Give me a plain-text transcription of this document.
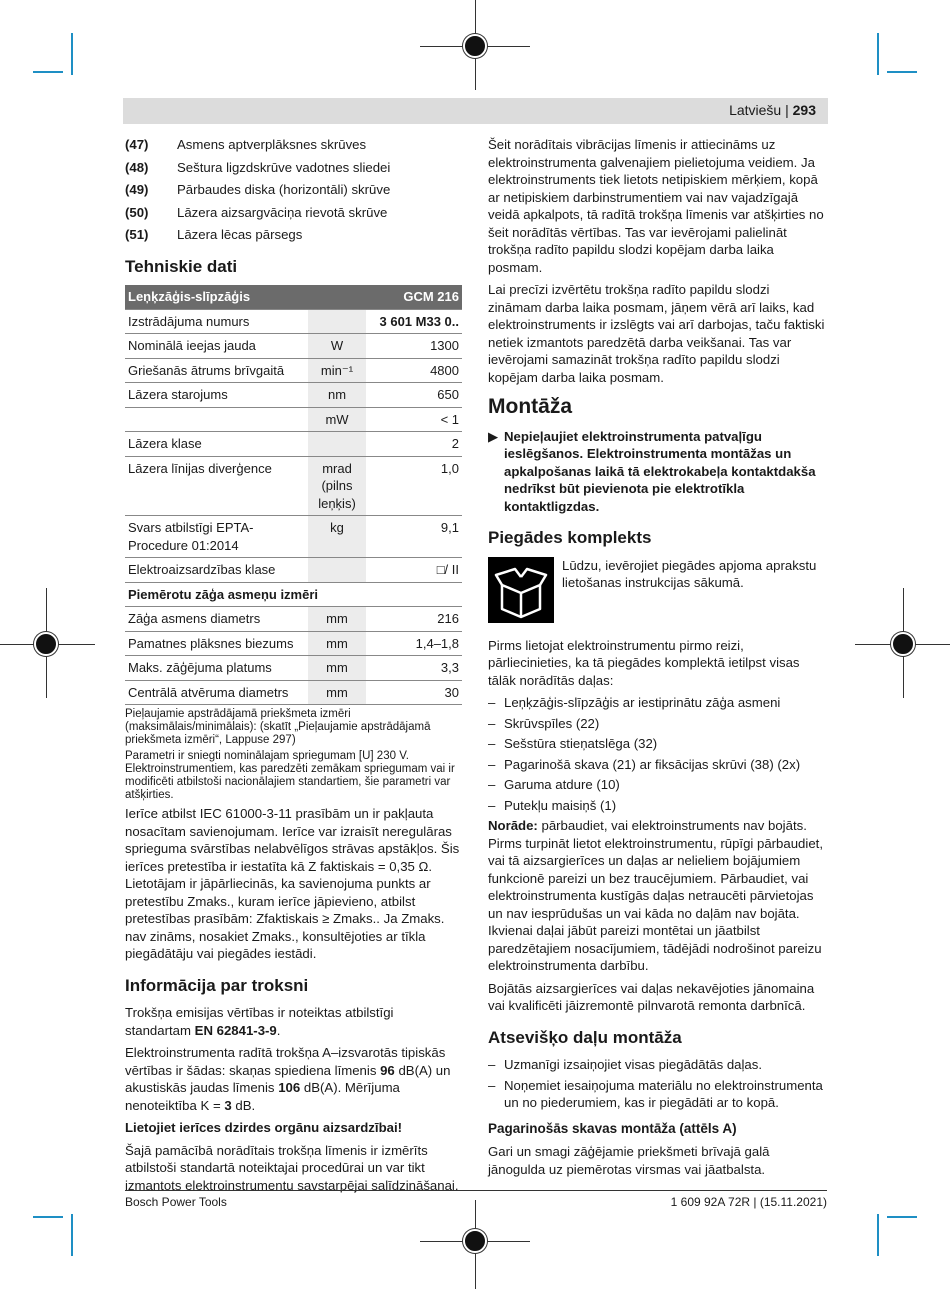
Latviešu | 293
(47)	Asmens aptverplāksnes skrūves
(48)	Seštura ligzdskrūve vadotnes sliedei
(49)	Pārbaudes diska (horizontāli) skrūve
(50)	Lāzera aizsargvāciņa rievotā skrūve
(51)	Lāzera lēcas pārsegs
Tehniskie dati
Leņķzāģis-slīpzāģis		GCM 216
Izstrādājuma numurs		3 601 M33 0..
Nominālā ieejas jauda	W	1300
Griešanās ātrums brīvgaitā	min⁻¹	4800
Lāzera starojums	nm	650
	mW	< 1
Lāzera klase		2
Lāzera līnijas diverģence	mrad (pilns leņķis)	1,0
Svars atbilstīgi EPTA-Procedure 01:2014	kg	9,1
Elektroaizsardzības klase		□/ II
Piemērotu zāģa asmeņu izmēri		
Zāģa asmens diametrs	mm	216
Pamatnes plāksnes biezums	mm	1,4–1,8
Maks. zāģējuma platums	mm	3,3
Centrālā atvēruma diametrs	mm	30

Pieļaujamie apstrādājamā priekšmeta izmēri (maksimālais/minimālais): (skatīt „Pieļaujamie apstrādājamā priekšmeta izmēri“, Lappuse 297)

Parametri ir sniegti nominālajam spriegumam [U] 230 V. Elektroinstrumentiem, kas paredzēti zemākam spriegumam vai ir modificēti atbilstoši nacionālajiem standartiem, šie parametri var atšķirties.

Ierīce atbilst IEC 61000-3-11 prasībām un ir pakļauta nosacītam savienojumam. Ierīce var izraisīt neregulāras sprieguma svārstības nelabvēlīgos strāvas apstākļos. Šis ierīces pretestība ir iestatīta kā Z faktiskais = 0,35 Ω. Lietotājam ir jāpārliecinās, ka savienojuma punkts ar pretestību Zmaks., kuram ierīce jāpievieno, atbilst pretestības prasībām: Zfaktiskais ≥ Zmaks.. Ja Zmaks. nav zināms, nosakiet Zmaks., konsultējoties ar tīkla piegādātāju vai piegādes iestādi.

Informācija par troksni

Trokšņa emisijas vērtības ir noteiktas atbilstīgi standartam EN 62841-3-9.

Elektroinstrumenta radītā trokšņa A–izsvarotās tipiskās vērtības ir šādas: skaņas spiediena līmenis 96 dB(A) un akustiskās jaudas līmenis 106 dB(A). Mērījuma nenoteiktība K = 3 dB.

Lietojiet ierīces dzirdes orgānu aizsardzībai!

Šajā pamācībā norādītais trokšņa līmenis ir izmērīts atbilstoši standartā noteiktajai procedūrai un var tikt izmantots elektroinstrumentu savstarpējai salīdzināšanai.

Šeit norādītais vibrācijas līmenis ir attiecināms uz elektroinstrumenta galvenajiem pielietojuma veidiem. Ja elektroinstruments tiek lietots netipiskiem mērķiem, kopā ar netipiskiem darbinstrumentiem vai nav vajadzīgajā veidā apkalpots, tā radītā trokšņa līmenis var atšķirties no šeit norādītās vērtības. Tas var ievērojami palielināt trokšņa radīto papildu slodzi kopējam darba laika posmam.

Lai precīzi izvērtētu trokšņa radīto papildu slodzi zināmam darba laika posmam, jāņem vērā arī laiks, kad elektroinstruments ir izslēgts vai arī darbojas, taču faktiski netiek izmantots paredzētā darba veikšanai. Tas var ievērojami samazināt trokšņa radīto papildu slodzi kopējam darba laika posmam.

Montāža
▶ Nepieļaujiet elektroinstrumenta patvaļīgu ieslēgšanos. Elektroinstrumenta montāžas un apkalpošanas laikā tā elektrokabeļa kontaktdakša nedrīkst būt pievienota pie elektrotīkla kontaktligzdas.
Piegādes komplekts
Lūdzu, ievērojiet piegādes apjoma aprakstu lietošanas instrukcijas sākumā.

Pirms lietojat elektroinstrumentu pirmo reizi, pārliecinieties, ka tā piegādes komplektā ietilpst visas tālāk norādītās daļas:

– Leņķzāģis-slīpzāģis ar iestiprinātu zāģa asmeni
– Skrūvspīles (22)
– Sešstūra stieņatslēga (32)
– Pagarinošā skava (21) ar fiksācijas skrūvi (38) (2x)
– Garuma atdure (10)
– Putekļu maisiņš (1)

Norāde: pārbaudiet, vai elektroinstruments nav bojāts. Pirms turpināt lietot elektroinstrumentu, rūpīgi pārbaudiet, vai tā aizsargierīces un daļas ar nelieliem bojājumiem funkcionē pareizi un bez traucējumiem. Pārbaudiet, vai elektroinstrumenta kustīgās daļas netraucēti pārvietojas un nav iesprūdušas un vai kāda no daļām nav bojāta. Ikvienai daļai jābūt pareizi montētai un jāatbilst paredzētajiem nosacījumiem, tādējādi nodrošinot pareizu elektroinstrumenta darbību.

Bojātās aizsargierīces vai daļas nekavējoties jānomaina vai kvalificēti jāizremontē pilnvarotā remonta darbnīcā.

Atsevišķo daļu montāža
– Uzmanīgi izsaiņojiet visas piegādātās daļas.
– Noņemiet iesaiņojuma materiālu no elektroinstrumenta un no piederumiem, kas ir piegādāti ar to kopā.
Pagarinošās skavas montāža (attēls A)

Gari un smagi zāģējamie priekšmeti brīvajā galā jānogulda uz piemērotas virsmas vai jāatbalsta.

Bosch Power Tools	1 609 92A 72R | (15.11.2021)
